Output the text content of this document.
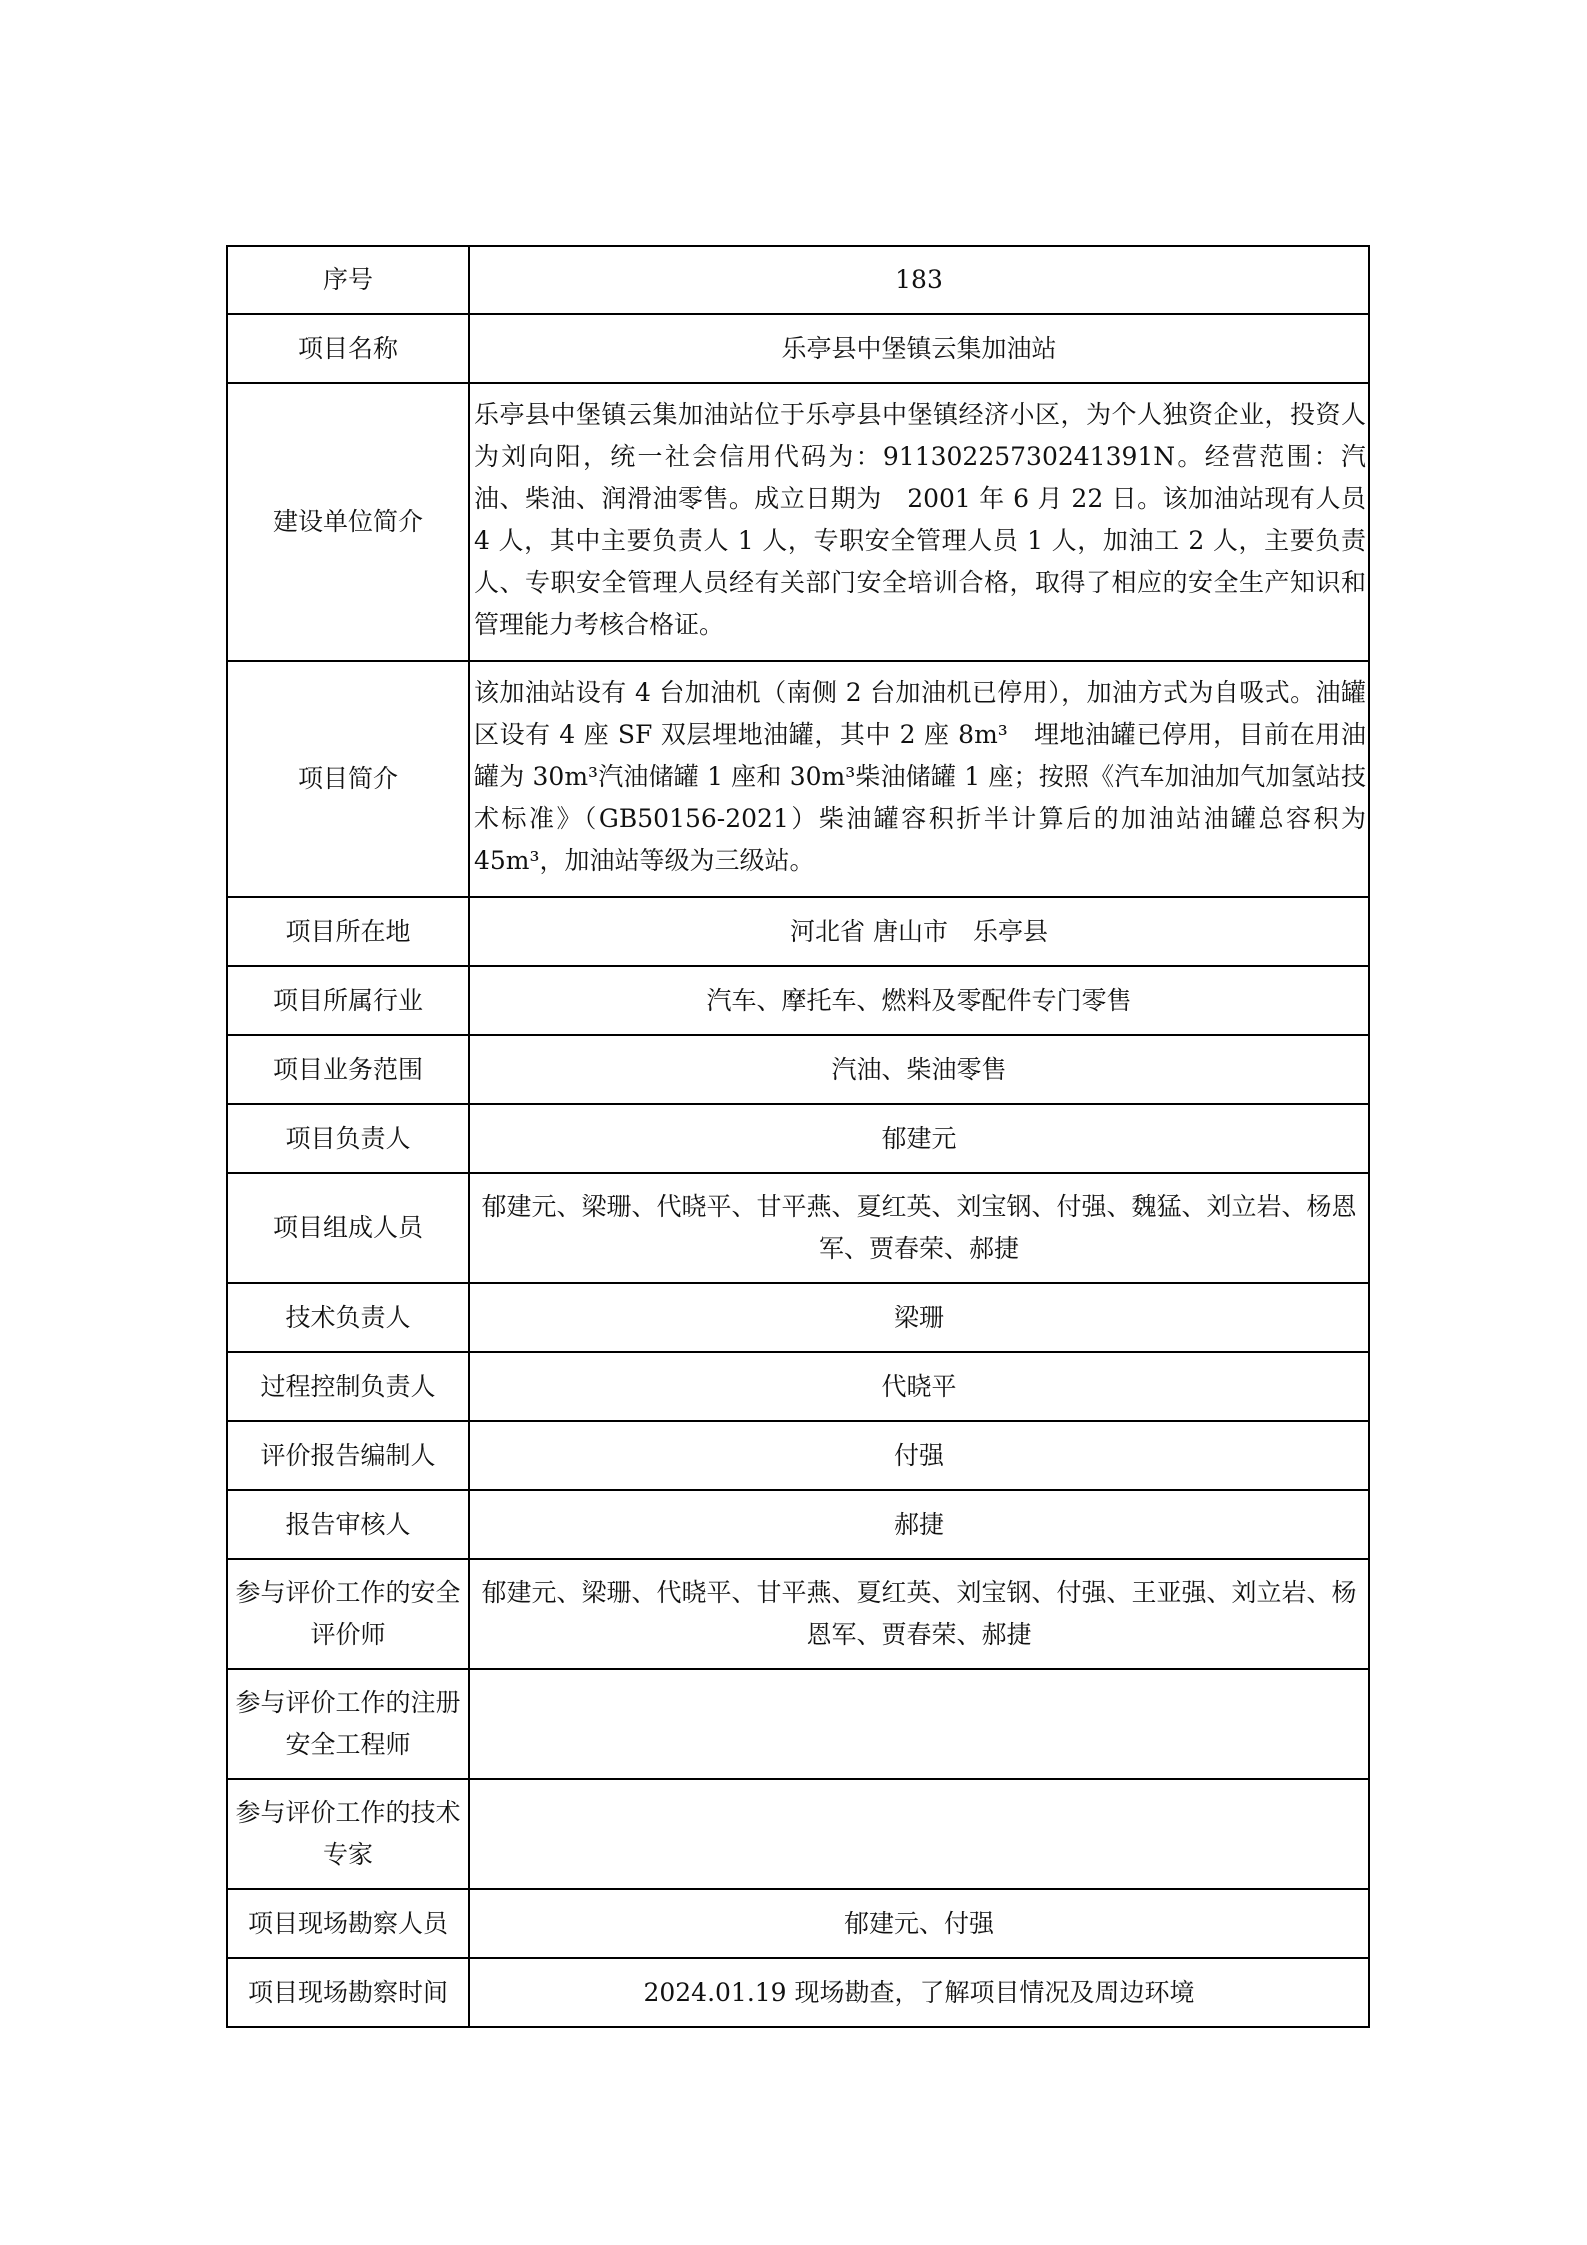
序号	183
项目名称	乐亭县中堡镇云集加油站
建设单位简介	乐亭县中堡镇云集加油站位于乐亭县中堡镇经济小区，为个人独资企业，投资人为刘向阳，统一社会信用代码为：91130225730241391N。经营范围：汽油、柴油、润滑油零售。成立日期为　2001 年 6 月 22 日。该加油站现有人员 4 人，其中主要负责人 1 人，专职安全管理人员 1 人，加油工 2 人，主要负责人、专职安全管理人员经有关部门安全培训合格，取得了相应的安全生产知识和管理能力考核合格证。
项目简介	该加油站设有 4 台加油机（南侧 2 台加油机已停用），加油方式为自吸式。油罐区设有 4 座 SF 双层埋地油罐，其中 2 座 8m³　埋地油罐已停用，目前在用油罐为 30m³汽油储罐 1 座和 30m³柴油储罐 1 座；按照《汽车加油加气加氢站技术标准》（GB50156-2021）柴油罐容积折半计算后的加油站油罐总容积为 45m³，加油站等级为三级站。
项目所在地	河北省 唐山市　乐亭县
项目所属行业	汽车、摩托车、燃料及零配件专门零售
项目业务范围	汽油、柴油零售
项目负责人	郁建元
项目组成人员	郁建元、梁珊、代晓平、甘平燕、夏红英、刘宝钢、付强、魏猛、刘立岩、杨恩军、贾春荣、郝捷
技术负责人	梁珊
过程控制负责人	代晓平
评价报告编制人	付强
报告审核人	郝捷
参与评价工作的安全评价师	郁建元、梁珊、代晓平、甘平燕、夏红英、刘宝钢、付强、王亚强、刘立岩、杨恩军、贾春荣、郝捷
参与评价工作的注册安全工程师	
参与评价工作的技术专家	
项目现场勘察人员	郁建元、付强
项目现场勘察时间	2024.01.19 现场勘查，了解项目情况及周边环境
